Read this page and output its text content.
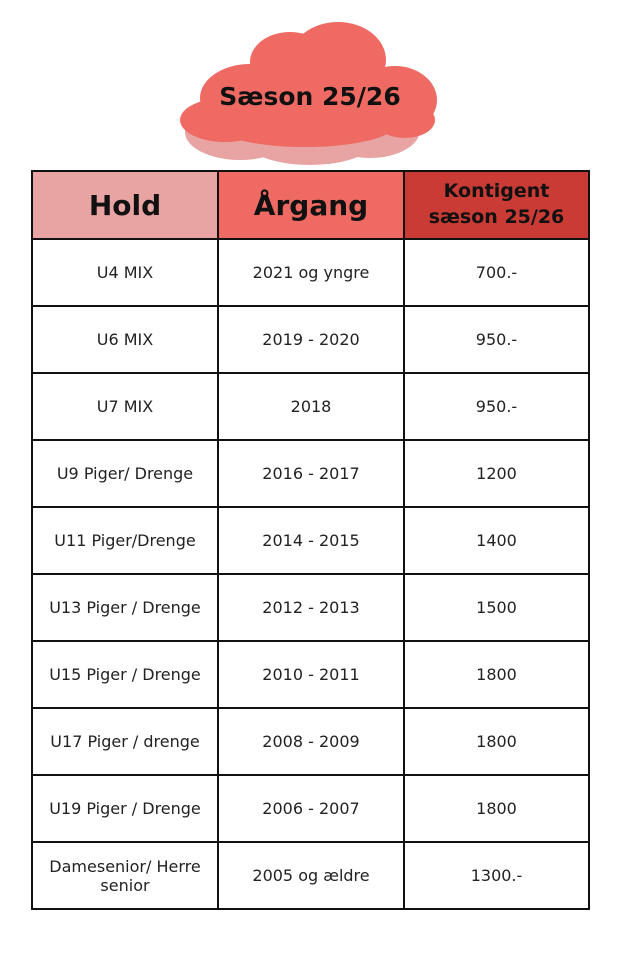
Sæson 25/26
Hold	Årgang	Kontigent
sæson 25/26

U4 MIX	2021 og yngre	700.-
U6 MIX	2019 - 2020	950.-
U7 MIX	2018	950.-
U9 Piger/ Drenge	2016 - 2017	1200
U11 Piger/Drenge	2014 - 2015	1400
U13 Piger / Drenge	2012 - 2013	1500
U15 Piger / Drenge	2010 - 2011	1800
U17 Piger / drenge	2008 - 2009	1800
U19 Piger / Drenge	2006 - 2007	1800

Damesenior/ Herre
senior	2005 og ældre	1300.-
